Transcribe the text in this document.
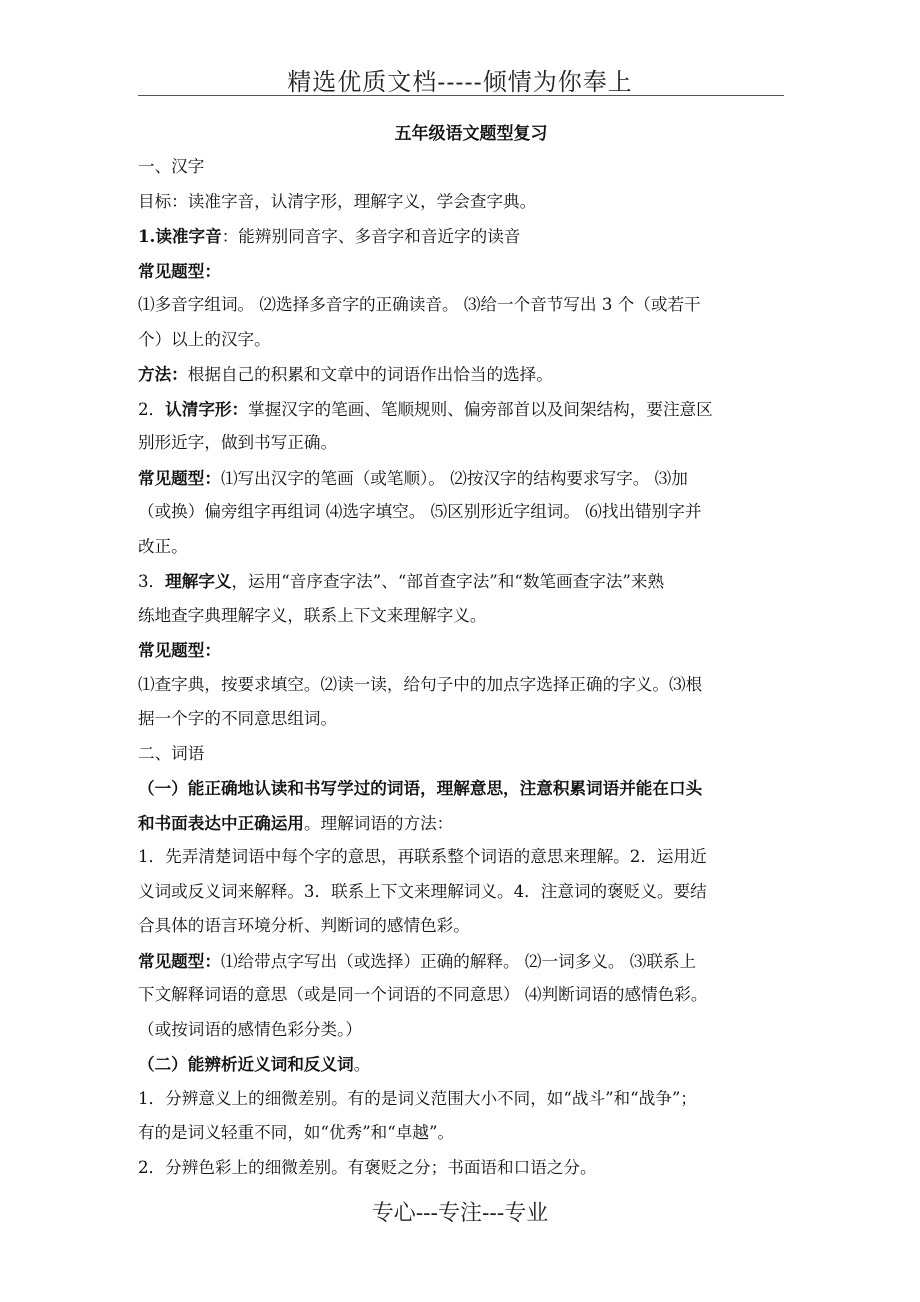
精选优质文档-----倾情为你奉上
五年级语文题型复习
一、汉字
目标：读准字音，认清字形，理解字义，学会查字典。
1.读准字音：能辨别同音字、多音字和音近字的读音
常见题型：
⑴多音字组词。 ⑵选择多音字的正确读音。 ⑶给一个音节写出 3 个（或若干
个）以上的汉字。
方法：根据自己的积累和文章中的词语作出恰当的选择。
2．认清字形：掌握汉字的笔画、笔顺规则、偏旁部首以及间架结构，要注意区
别形近字，做到书写正确。
常见题型：⑴写出汉字的笔画（或笔顺）。 ⑵按汉字的结构要求写字。 ⑶加
（或换）偏旁组字再组词 ⑷选字填空。 ⑸区别形近字组词。 ⑹找出错别字并
改正。
3．理解字义，运用“音序查字法”、“部首查字法”和“数笔画查字法”来熟
练地查字典理解字义，联系上下文来理解字义。
常见题型：
⑴查字典，按要求填空。⑵读一读，给句子中的加点字选择正确的字义。⑶根
据一个字的不同意思组词。
二、词语
（一）能正确地认读和书写学过的词语，理解意思，注意积累词语并能在口头
和书面表达中正确运用。理解词语的方法：
1．先弄清楚词语中每个字的意思，再联系整个词语的意思来理解。2．运用近
义词或反义词来解释。3．联系上下文来理解词义。4．注意词的褒贬义。要结
合具体的语言环境分析、判断词的感情色彩。
常见题型：⑴给带点字写出（或选择）正确的解释。 ⑵一词多义。 ⑶联系上
下文解释词语的意思（或是同一个词语的不同意思） ⑷判断词语的感情色彩。
（或按词语的感情色彩分类。）
（二）能辨析近义词和反义词。
1．分辨意义上的细微差别。有的是词义范围大小不同，如“战斗”和“战争”；
有的是词义轻重不同，如“优秀”和“卓越”。
2．分辨色彩上的细微差别。有褒贬之分；书面语和口语之分。
专心---专注---专业
